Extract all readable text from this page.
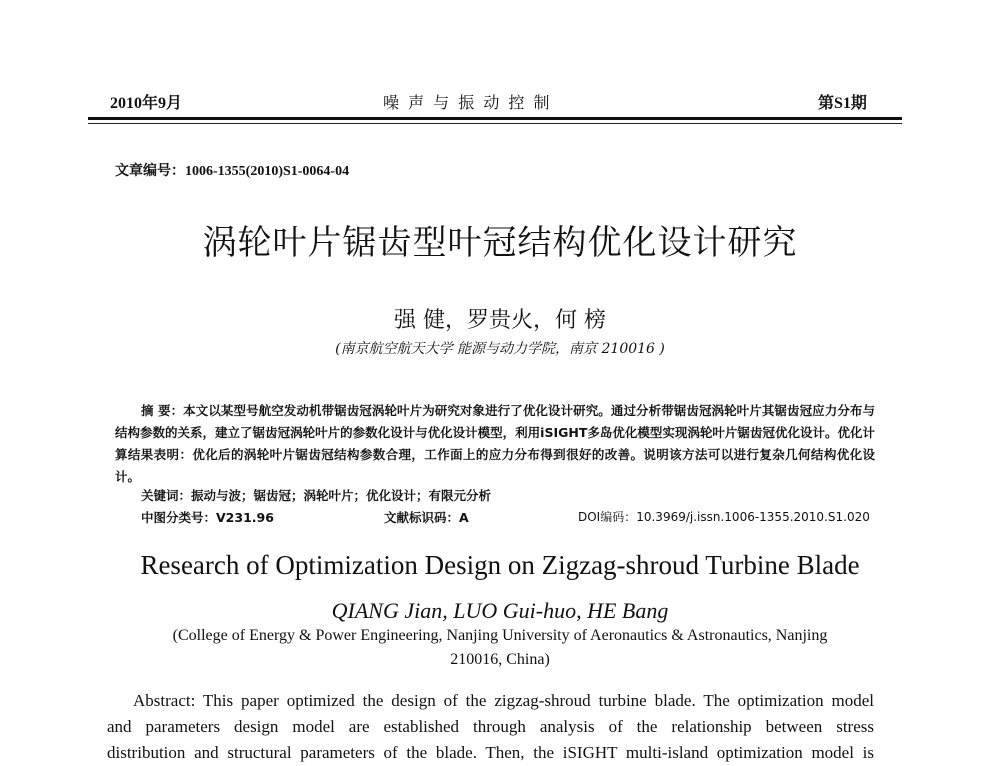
2010年9月	噪 声 与 振 动 控 制	第S1期
文章编号：1006-1355(2010)S1-0064-04
涡轮叶片锯齿型叶冠结构优化设计研究
强 健，罗贵火，何 榜
(南京航空航天大学 能源与动力学院，南京 210016 )

摘 要：本文以某型号航空发动机带锯齿冠涡轮叶片为研究对象进行了优化设计研究。通过分析带锯齿冠涡轮叶片其锯齿冠应力分布与结构参数的关系，建立了锯齿冠涡轮叶片的参数化设计与优化设计模型，利用iSIGHT多岛优化模型实现涡轮叶片锯齿冠优化设计。优化计算结果表明：优化后的涡轮叶片锯齿冠结构参数合理，工作面上的应力分布得到很好的改善。说明该方法可以进行复杂几何结构优化设计。

关键词：振动与波；锯齿冠；涡轮叶片；优化设计；有限元分析
中图分类号：V231.96	文献标识码：A	DOI编码：10.3969/j.issn.1006-1355.2010.S1.020
Research of Optimization Design on Zigzag-shroud Turbine Blade
QIANG Jian, LUO Gui-huo, HE Bang
(College of Energy & Power Engineering, Nanjing University of Aeronautics & Astronautics, Nanjing
210016, China)

Abstract: This paper optimized the design of the zigzag-shroud turbine blade. The optimization model

and parameters design model are established through analysis of the relationship between stress

distribution and structural parameters of the blade. Then, the iSIGHT multi-island optimization model is
